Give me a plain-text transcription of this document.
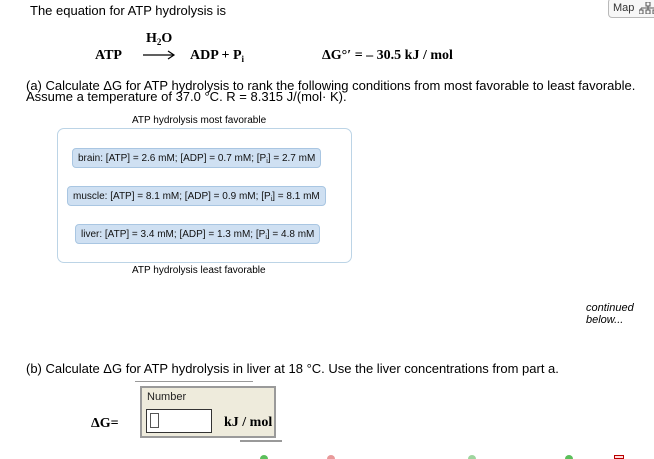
The equation for ATP hydrolysis is	Map
ATP
$H_2O$
→ ADP + $P_i$	ΔG°′ = – 30.5 kJ / mol
(a) Calculate ΔG for ATP hydrolysis to rank the following conditions from most favorable to least favorable.
Assume a temperature of 37.0 °C. R = 8.315 J/(mol· K).
ATP hydrolysis most favorable
brain: [ATP] = 2.6 mM; [ADP] = 0.7 mM; $[P_i] = 2.7$ mM
muscle: [ATP] = 8.1 mM; [ADP] = 0.9 mM; $[P_i] = 8.1$ mM
liver: [ATP] = 3.4 mM; [ADP] = 1.3 mM; $[P_i] = 4.8$ mM
ATP hydrolysis least favorable
continued
below...
(b) Calculate ΔG for ATP hydrolysis in liver at 18 °C. Use the liver concentrations from part a.
ΔG=
Number
kJ / mol
